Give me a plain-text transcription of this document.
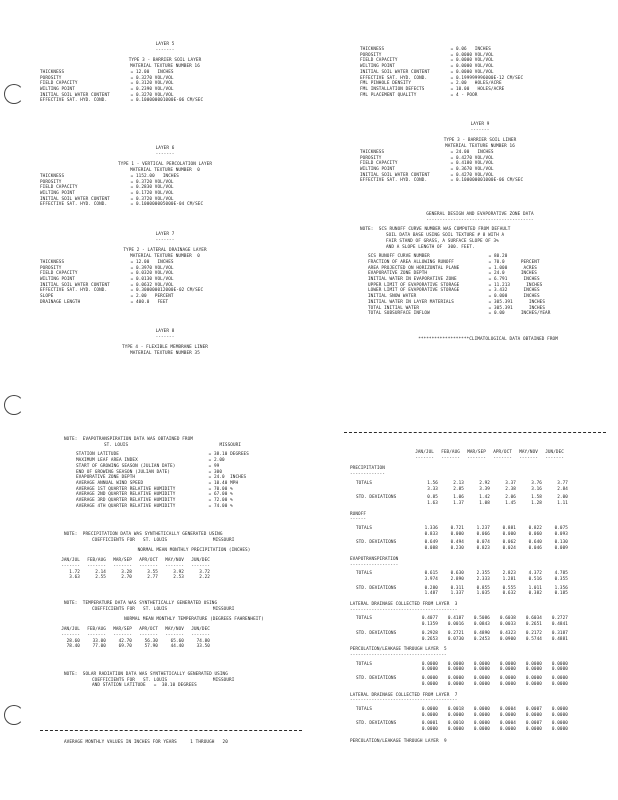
LAYER 5
-------
TYPE 3 - BARRIER SOIL LAYER
MATERIAL TEXTURE NUMBER 16
THICKNESS	= 12.00   INCHES
POROSITY	= 0.3270 VOL/VOL
FIELD CAPACITY	= 0.3120 VOL/VOL
WILTING POINT	= 0.2390 VOL/VOL
INITIAL SOIL WATER CONTENT	= 0.3270 VOL/VOL
EFFECTIVE SAT. HYD. COND.	= 0.100000001000E-06 CM/SEC
LAYER 6
-------
TYPE 1 - VERTICAL PERCOLATION LAYER
MATERIAL TEXTURE NUMBER  0
THICKNESS	= 1152.00   INCHES
POROSITY	= 0.3720 VOL/VOL
FIELD CAPACITY	= 0.2830 VOL/VOL
WILTING POINT	= 0.1720 VOL/VOL
INITIAL SOIL WATER CONTENT	= 0.3720 VOL/VOL
EFFECTIVE SAT. HYD. COND.	= 0.100000005000E-04 CM/SEC
LAYER 7
-------
TYPE 2 - LATERAL DRAINAGE LAYER
MATERIAL TEXTURE NUMBER  0
THICKNESS	= 12.00   INCHES
POROSITY	= 0.3970 VOL/VOL
FIELD CAPACITY	= 0.0320 VOL/VOL
WILTING POINT	= 0.0130 VOL/VOL
INITIAL SOIL WATER CONTENT	= 0.0632 VOL/VOL
EFFECTIVE SAT. HYD. COND.	= 0.300000012000E-02 CM/SEC
SLOPE	= 2.00   PERCENT
DRAINAGE LENGTH	= 400.0   FEET
LAYER 8
-------
TYPE 4 - FLEXIBLE MEMBRANE LINER
MATERIAL TEXTURE NUMBER 35
NOTE:  EVAPOTRANSPIRATION DATA WAS OBTAINED FROM
ST. LOUIS                                  MISSOURI
STATION LATITUDE	= 38.10 DEGREES
MAXIMUM LEAF AREA INDEX	= 2.00
START OF GROWING SEASON (JULIAN DATE)	= 99
END OF GROWING SEASON (JULIAN DATE)	= 300
EVAPORATIVE ZONE DEPTH	= 24.0  INCHES
AVERAGE ANNUAL WIND SPEED	= 10.40 MPH
AVERAGE 1ST QUARTER RELATIVE HUMIDITY	= 70.00 %
AVERAGE 2ND QUARTER RELATIVE HUMIDITY	= 67.00 %
AVERAGE 3RD QUARTER RELATIVE HUMIDITY	= 72.00 %
AVERAGE 4TH QUARTER RELATIVE HUMIDITY	= 74.00 %
NOTE:  PRECIPITATION DATA WAS SYNTHETICALLY GENERATED USING
COEFFICIENTS FOR   ST. LOUIS                 MISSOURI
NORMAL MEAN MONTHLY PRECIPITATION (INCHES)
JAN/JUL	FEB/AUG	MAR/SEP	APR/OCT	MAY/NOV	JUN/DEC
-------	-------	-------	-------	-------	-------
1.72	2.14	3.28	3.55	3.92	3.72
3.63	2.55	2.70	2.77	2.53	2.22
NOTE:  TEMPERATURE DATA WAS SYNTHETICALLY GENERATED USING
COEFFICIENTS FOR   ST. LOUIS                 MISSOURI
NORMAL MEAN MONTHLY TEMPERATURE (DEGREES FAHRENHEIT)
JAN/JUL	FEB/AUG	MAR/SEP	APR/OCT	MAY/NOV	JUN/DEC
-------	-------	-------	-------	-------	-------
28.60	33.00	42.70	56.30	65.60	74.80
78.40	77.00	69.70	57.90	44.40	33.50
NOTE:  SOLAR RADIATION DATA WAS SYNTHETICALLY GENERATED USING
COEFFICIENTS FOR   ST. LOUIS                 MISSOURI
AND STATION LATITUDE   =  38.10 DEGREES
AVERAGE MONTHLY VALUES IN INCHES FOR YEARS     1 THROUGH   20
THICKNESS	= 0.06   INCHES
POROSITY	= 0.0000 VOL/VOL
FIELD CAPACITY	= 0.0000 VOL/VOL
WILTING POINT	= 0.0000 VOL/VOL
INITIAL SOIL WATER CONTENT	= 0.0000 VOL/VOL
EFFECTIVE SAT. HYD. COND.	= 0.199999996000E-12 CM/SEC
FML PINHOLE DENSITY	= 2.00   HOLES/ACRE
FML INSTALLATION DEFECTS	= 10.00   HOLES/ACRE
FML PLACEMENT QUALITY	= 4 - POOR
LAYER 9
-------
TYPE 3 - BARRIER SOIL LINER
MATERIAL TEXTURE NUMBER 16
THICKNESS	= 24.00   INCHES
POROSITY	= 0.4270 VOL/VOL
FIELD CAPACITY	= 0.4180 VOL/VOL
WILTING POINT	= 0.3670 VOL/VOL
INITIAL SOIL WATER CONTENT	= 0.4270 VOL/VOL
EFFECTIVE SAT. HYD. COND.	= 0.100000001000E-06 CM/SEC
GENERAL DESIGN AND EVAPORATIVE ZONE DATA
----------------------------------------
NOTE:  SCS RUNOFF CURVE NUMBER WAS COMPUTED FROM DEFAULT
SOIL DATA BASE USING SOIL TEXTURE # 8 WITH A
FAIR STAND OF GRASS, A SURFACE SLOPE OF 3%
AND A SLOPE LENGTH OF  300. FEET.
SCS RUNOFF CURVE NUMBER	= 80.20
FRACTION OF AREA ALLOWING RUNOFF	= 70.0      PERCENT
AREA PROJECTED ON HORIZONTAL PLANE	= 1.000      ACRES
EVAPORATIVE ZONE DEPTH	= 24.0      INCHES
INITIAL WATER IN EVAPORATIVE ZONE	= 6.791      INCHES
UPPER LIMIT OF EVAPORATIVE STORAGE	= 11.213      INCHES
LOWER LIMIT OF EVAPORATIVE STORAGE	= 3.432      INCHES
INITIAL SNOW WATER	= 0.000      INCHES
INITIAL WATER IN LAYER MATERIALS	= 305.391      INCHES
TOTAL INITIAL WATER	= 305.391      INCHES
TOTAL SUBSURFACE INFLOW	= 0.00      INCHES/YEAR

*******************CLIMATOLOGICAL DATA OBTAINED FROM

	JAN/JUL	FEB/AUG	MAR/SEP	APR/OCT	MAY/NOV	JUN/DEC
	-------	-------	-------	-------	-------	-------
PRECIPITATION
-------------

TOTALS	1.56	2.13	2.92	3.37	3.76	3.77
	3.33	2.85	3.39	2.38	3.16	2.84

STD. DEVIATIONS	0.85	1.06	1.42	2.06	1.58	2.00
	1.63	1.37	1.08	1.45	1.28	1.11
RUNOFF
------

TOTALS	1.336	0.721	1.237	0.881	0.822	0.075
	0.833	0.000	0.066	0.000	0.060	0.093

STD. DEVIATIONS	0.649	0.494	0.074	0.062	0.640	0.130
	0.088	0.230	0.823	0.024	0.046	0.009
EVAPOTRANSPIRATION
------------------

TOTALS	0.615	0.630	2.355	2.823	4.372	4.785
	3.974	2.890	2.333	1.281	0.516	0.355

STD. DEVIATIONS	0.280	0.311	0.855	0.555	1.011	1.356
	1.487	1.337	1.035	0.632	0.382	0.185
LATERAL DRAINAGE COLLECTED FROM LAYER  3
----------------------------------------

TOTALS	0.4077	0.4187	0.5086	0.6038	0.6034	0.2727
	0.1359	0.0016	0.0843	0.0033	0.2651	0.4841

STD. DEVIATIONS	0.2928	0.2721	0.4890	0.4323	0.2172	0.3187
	0.2653	0.0730	0.2453	0.0900	0.5744	0.4881
PERCOLATION/LEAKAGE THROUGH LAYER  5
------------------------------------

TOTALS	0.0000	0.0000	0.0000	0.0000	0.0000	0.0000
	0.0000	0.0000	0.0000	0.0000	0.0000	0.0000

STD. DEVIATIONS	0.0000	0.0000	0.0000	0.0000	0.0000	0.0000
	0.0000	0.0000	0.0000	0.0000	0.0000	0.0000
LATERAL DRAINAGE COLLECTED FROM LAYER  7
----------------------------------------

TOTALS	0.0000	0.0018	0.0000	0.0004	0.0007	0.0000
	0.0000	0.0000	0.0000	0.0000	0.0000	0.0000

STD. DEVIATIONS	0.0001	0.0010	0.0000	0.0004	0.0007	0.0000
	0.0000	0.0000	0.0000	0.0000	0.0000	0.0000
PERCOLATION/LEAKAGE THROUGH LAYER  9
